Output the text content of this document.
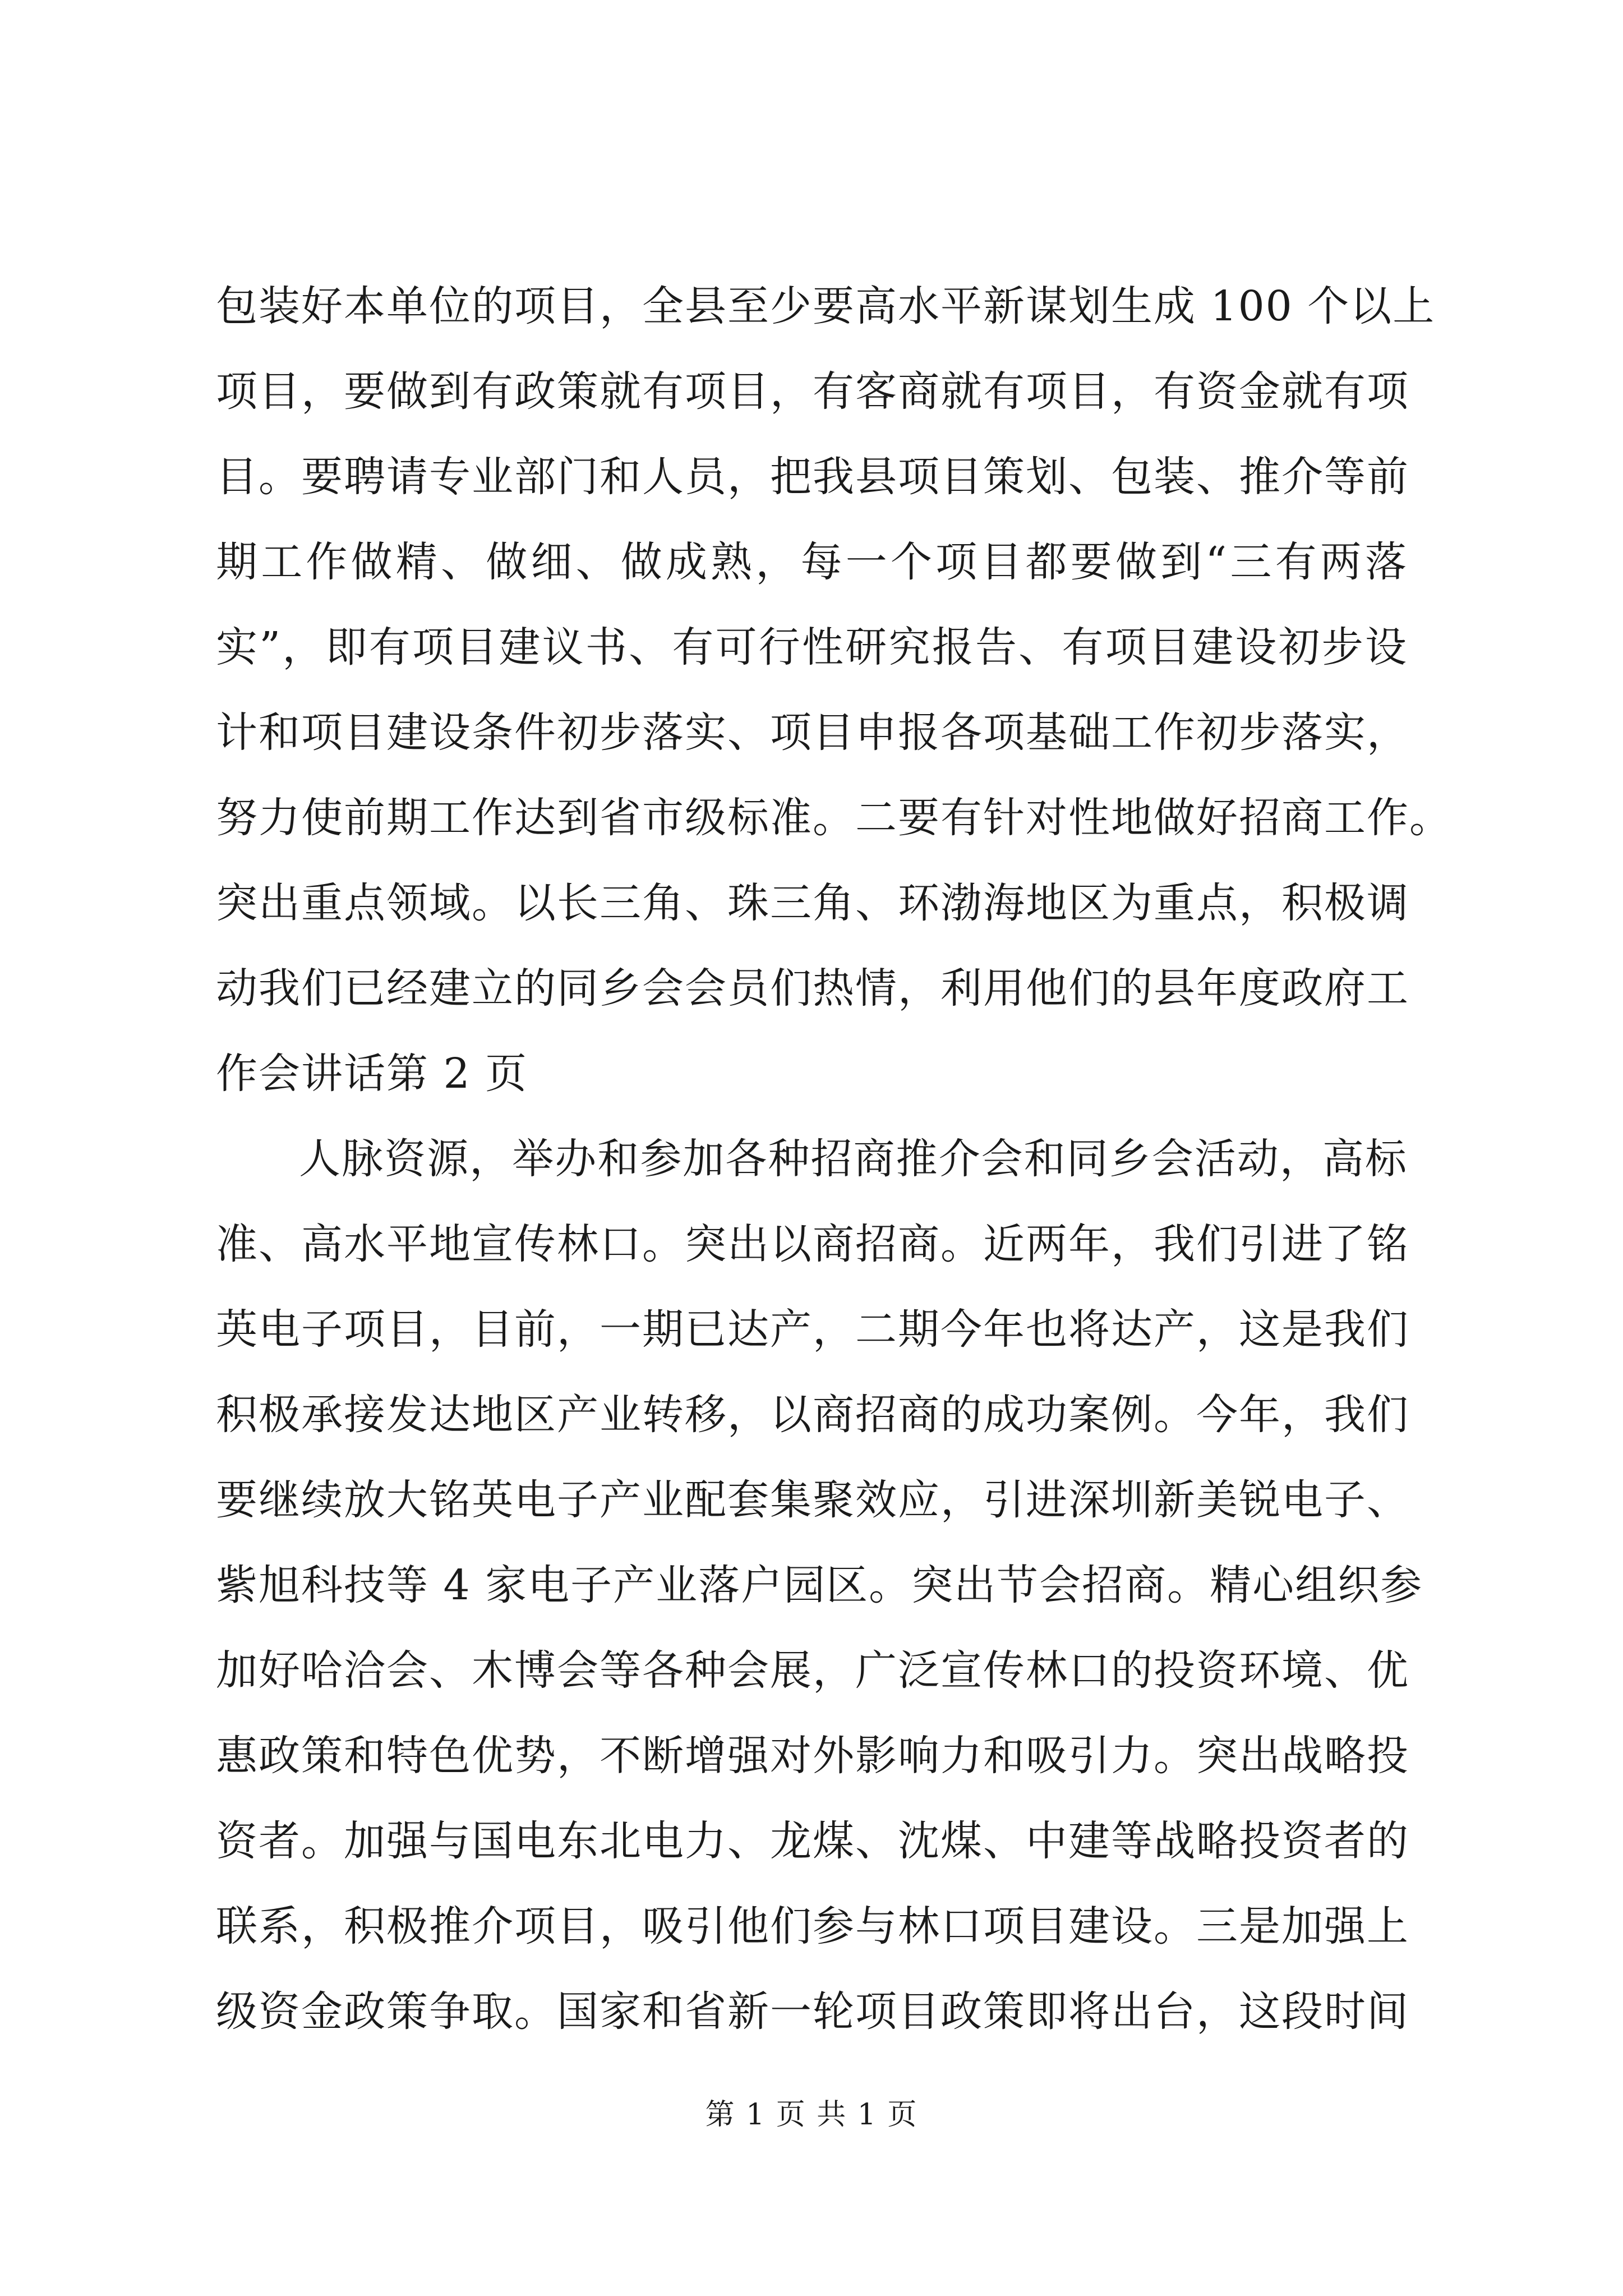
包装好本单位的项目，全县至少要高水平新谋划生成 100 个以上
项目，要做到有政策就有项目，有客商就有项目，有资金就有项
目。要聘请专业部门和人员，把我县项目策划、包装、推介等前
期工作做精、做细、做成熟，每一个项目都要做到“三有两落
实”，即有项目建议书、有可行性研究报告、有项目建设初步设
计和项目建设条件初步落实、项目申报各项基础工作初步落实，
努力使前期工作达到省市级标准。二要有针对性地做好招商工作。
突出重点领域。以长三角、珠三角、环渤海地区为重点，积极调
动我们已经建立的同乡会会员们热情，利用他们的县年度政府工
作会讲话第 2 页
人脉资源，举办和参加各种招商推介会和同乡会活动，高标
准、高水平地宣传林口。突出以商招商。近两年，我们引进了铭
英电子项目，目前，一期已达产，二期今年也将达产，这是我们
积极承接发达地区产业转移，以商招商的成功案例。今年，我们
要继续放大铭英电子产业配套集聚效应，引进深圳新美锐电子、
紫旭科技等 4 家电子产业落户园区。突出节会招商。精心组织参
加好哈洽会、木博会等各种会展，广泛宣传林口的投资环境、优
惠政策和特色优势，不断增强对外影响力和吸引力。突出战略投
资者。加强与国电东北电力、龙煤、沈煤、中建等战略投资者的
联系，积极推介项目，吸引他们参与林口项目建设。三是加强上
级资金政策争取。国家和省新一轮项目政策即将出台，这段时间
第 1 页 共 1 页
